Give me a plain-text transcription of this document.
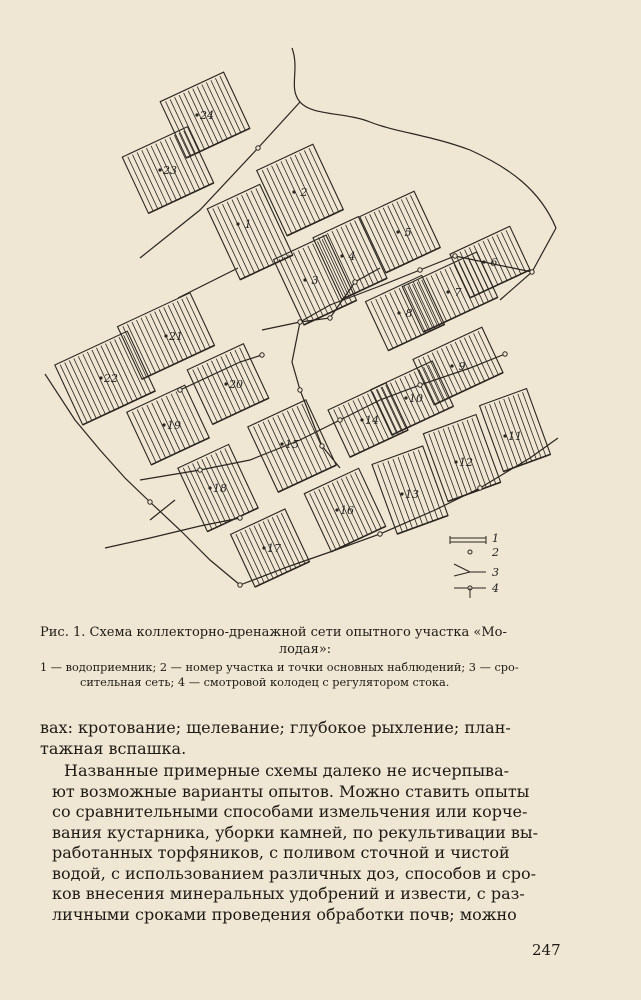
1
2
3
4
5
6
7
8
9
10
11
12
13
14
15
16
17
18
19
20
21
22
23
24
1
2
3
4
Рис. 1. Схема коллекторно-дренажной сети опытного участка «Мо-
лодая»:
1 — водоприемник; 2 — номер участка и точки основных наблюдений; 3 — сро-
сительная сеть; 4 — смотровой колодец с регулятором стока.

вах: кротование; щелевание; глубокое рыхление; план-
тажная вспашка.

Названные примерные схемы далеко не исчерпыва-
ют возможные варианты опытов. Можно ставить опыты
со сравнительными способами измельчения или корче-
вания кустарника, уборки камней, по рекультивации вы-
работанных торфяников, с поливом сточной и чистой
водой, с использованием различных доз, способов и сро-
ков внесения минеральных удобрений и извести, с раз-
личными сроками проведения обработки почв; можно

247
